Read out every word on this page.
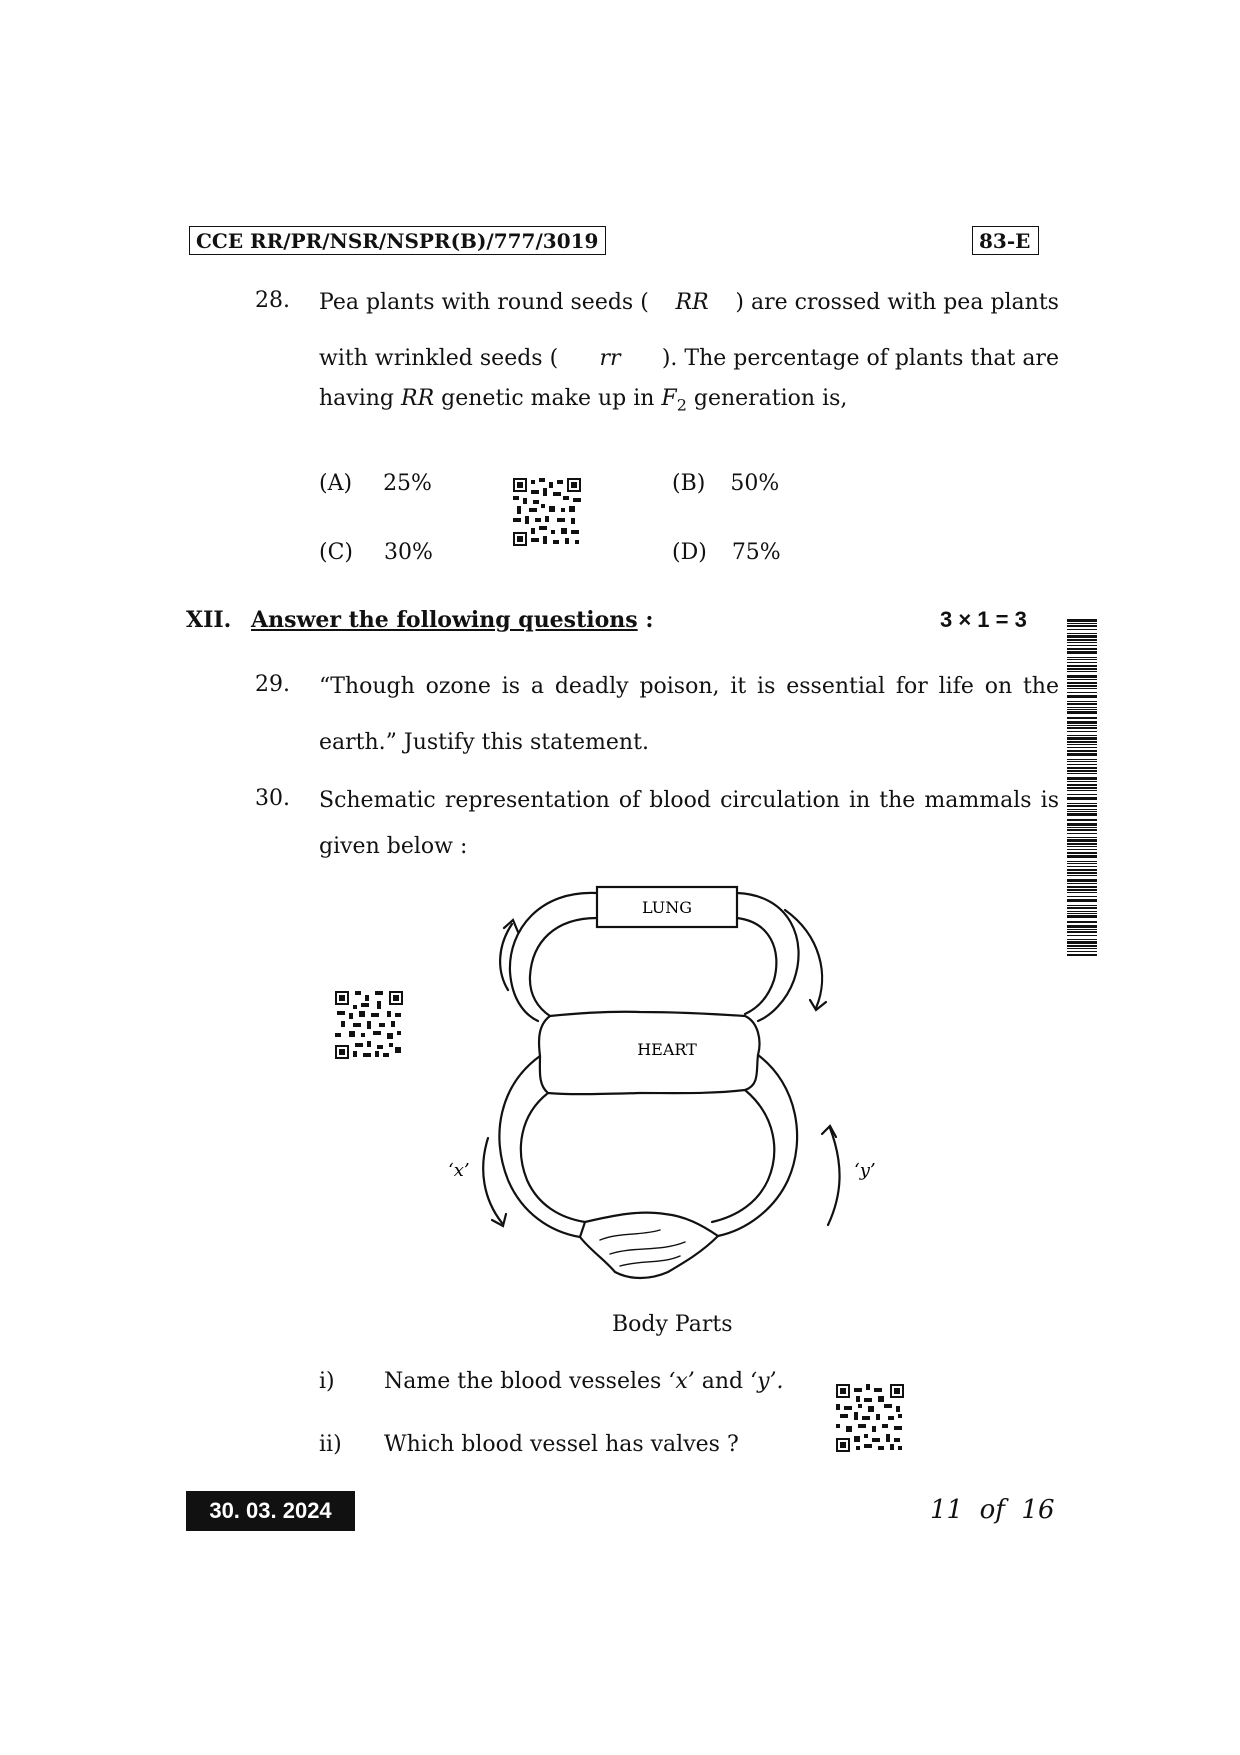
CCE RR/PR/NSR/NSPR(B)/777/3019	83-E
28. Pea plants with round seeds ( RR ) are crossed with pea plants
with wrinkled seeds ( rr ). The percentage of plants that are
having RR genetic make up in $F_2$ generation is,
(A) 25%	(B) 50%
(C) 30%	(D) 75%
XII. Answer the following questions :	3 × 1 = 3
29. “Though ozone is a deadly poison, it is essential for life on the
earth.” Justify this statement.
30. Schematic representation of blood circulation in the mammals is
given below :
LUNG
HEART
‘x’	‘y’
Body Parts
i) Name the blood vesseles ‘x’ and ‘y’.
ii) Which blood vessel has valves ?
30. 03. 2024	11  of  16
